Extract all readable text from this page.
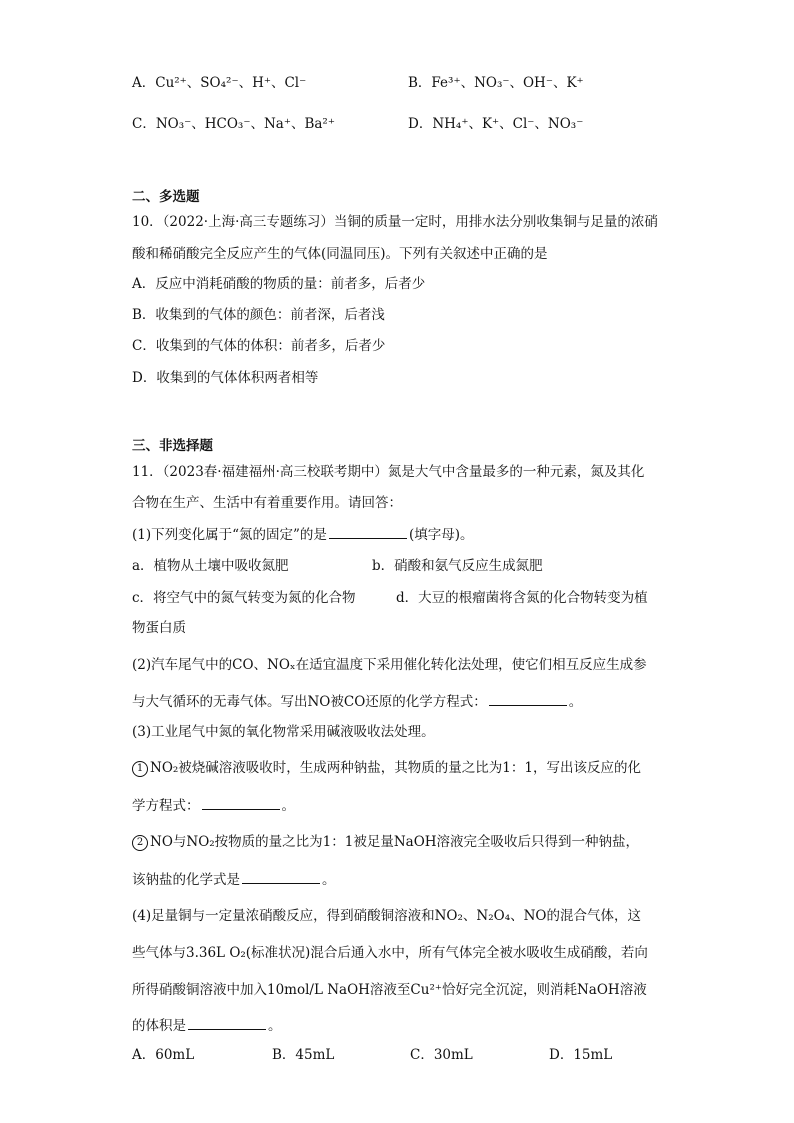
A．Cu²⁺、SO₄²⁻、H⁺、Cl⁻	B．Fe³⁺、NO₃⁻、OH⁻、K⁺
C．NO₃⁻、HCO₃⁻、Na⁺、Ba²⁺	D．NH₄⁺、K⁺、Cl⁻、NO₃⁻
二、多选题
10．（2022·上海·高三专题练习）当铜的质量一定时，用排水法分别收集铜与足量的浓硝
酸和稀硝酸完全反应产生的气体(同温同压)。下列有关叙述中正确的是
A．反应中消耗硝酸的物质的量：前者多，后者少
B．收集到的气体的颜色：前者深，后者浅
C．收集到的气体的体积：前者多，后者少
D．收集到的气体体积两者相等
三、非选择题
11．（2023春·福建福州·高三校联考期中）氮是大气中含量最多的一种元素，氮及其化
合物在生产、生活中有着重要作用。请回答：
(1)下列变化属于“氮的固定”的是	(填字母)。
a．植物从土壤中吸收氮肥	b．硝酸和氨气反应生成氮肥
c．将空气中的氮气转变为氮的化合物	d．大豆的根瘤菌将含氮的化合物转变为植
物蛋白质
(2)汽车尾气中的CO、NOₓ在适宜温度下采用催化转化法处理，使它们相互反应生成参
与大气循环的无毒气体。写出NO被CO还原的化学方程式：	。
(3)工业尾气中氮的氧化物常采用碱液吸收法处理。
1 NO₂被烧碱溶液吸收时，生成两种钠盐，其物质的量之比为1：1，写出该反应的化
学方程式：	。
2 NO与NO₂按物质的量之比为1：1被足量NaOH溶液完全吸收后只得到一种钠盐，
该钠盐的化学式是	。
(4)足量铜与一定量浓硝酸反应，得到硝酸铜溶液和NO₂、N₂O₄、NO的混合气体，这
些气体与3.36L O₂(标准状况)混合后通入水中，所有气体完全被水吸收生成硝酸，若向
所得硝酸铜溶液中加入10mol/L NaOH溶液至Cu²⁺恰好完全沉淀，则消耗NaOH溶液
的体积是	。
A．60mL	B．45mL	C．30mL	D．15mL
